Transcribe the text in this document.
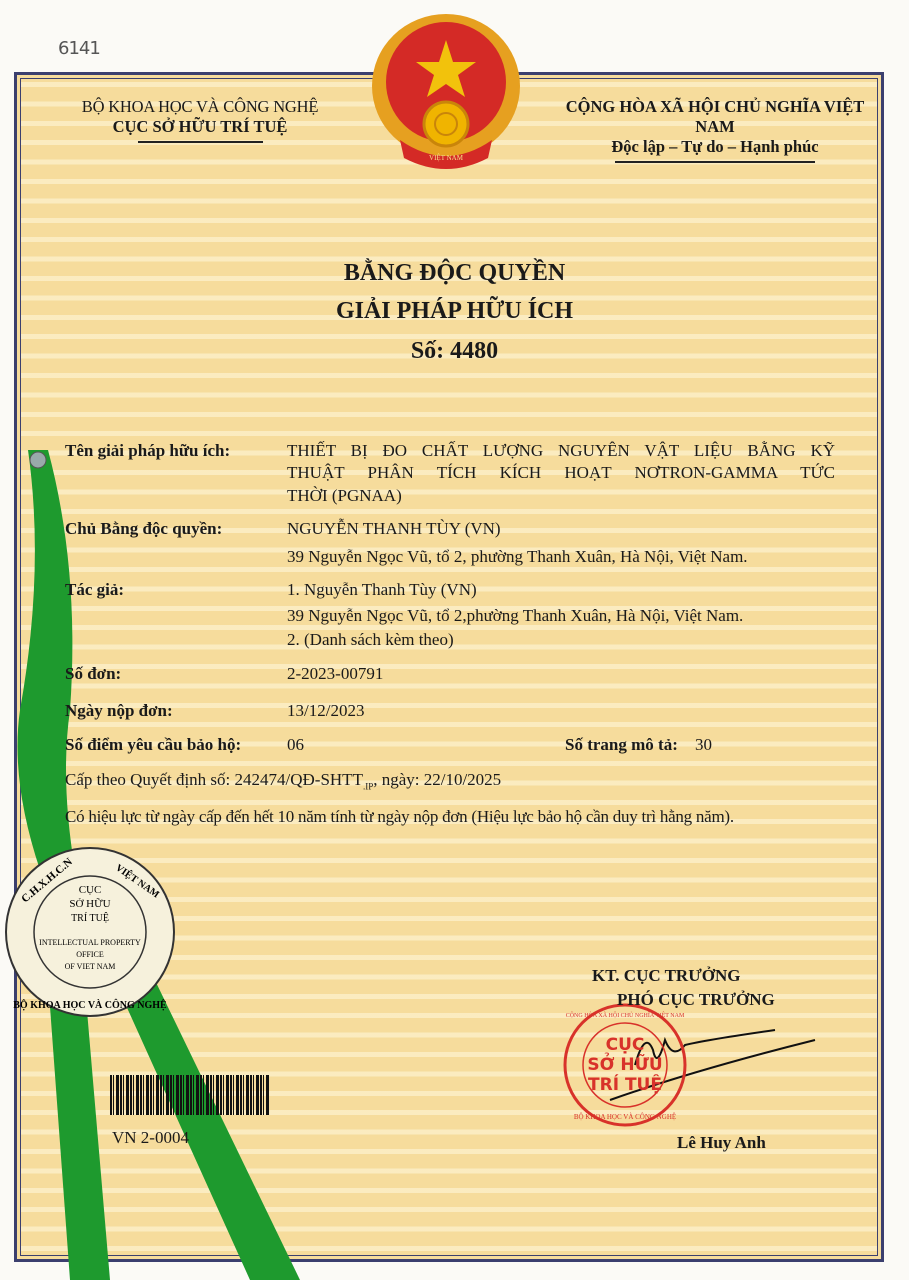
6141
VIỆT NAM
BỘ KHOA HỌC VÀ CÔNG NGHỆ
CỤC SỞ HỮU TRÍ TUỆ
CỘNG HÒA XÃ HỘI CHỦ NGHĨA VIỆT NAM
Độc lập – Tự do – Hạnh phúc
BẰNG ĐỘC QUYỀN
GIẢI PHÁP HỮU ÍCH
Số: 4480
Tên giải pháp hữu ích:	THIẾT BỊ ĐO CHẤT LƯỢNG NGUYÊN VẬT LIỆU BẰNG KỸ
THUẬT PHÂN TÍCH KÍCH HOẠT NƠTRON-GAMMA TỨC
THỜI (PGNAA)
Chủ Bằng độc quyền:	NGUYỄN THANH TÙY (VN)
39 Nguyễn Ngọc Vũ, tổ 2, phường Thanh Xuân, Hà Nội, Việt Nam.
Tác giả:	1. Nguyễn Thanh Tùy (VN)
39 Nguyễn Ngọc Vũ, tổ 2,phường Thanh Xuân, Hà Nội, Việt Nam.
2. (Danh sách kèm theo)
Số đơn:	2-2023-00791
Ngày nộp đơn:	13/12/2023
Số điểm yêu cầu bảo hộ:	06	Số trang mô tả: 30
Cấp theo Quyết định số: $242474/QĐ-SHTT_{.IP}$, ngày: 22/10/2025
Có hiệu lực từ ngày cấp đến hết 10 năm tính từ ngày nộp đơn (Hiệu lực bảo hộ cần duy trì hằng năm).
C.H.X.H.C.N	VIỆT NAM
CỤC
SỞ HỮU
TRÍ TUỆ
INTELLECTUAL PROPERTY
OFFICE
OF VIET NAM
BỘ KHOA HỌC VÀ CÔNG NGHỆ
VN 2-0004
CỤC
SỞ HỮU
TRÍ TUỆ
CỘNG HÒA XÃ HỘI CHỦ NGHĨA VIỆT NAM
BỘ KHOA HỌC VÀ CÔNG NGHỆ
KT. CỤC TRƯỞNG
PHÓ CỤC TRƯỞNG
Lê Huy Anh
